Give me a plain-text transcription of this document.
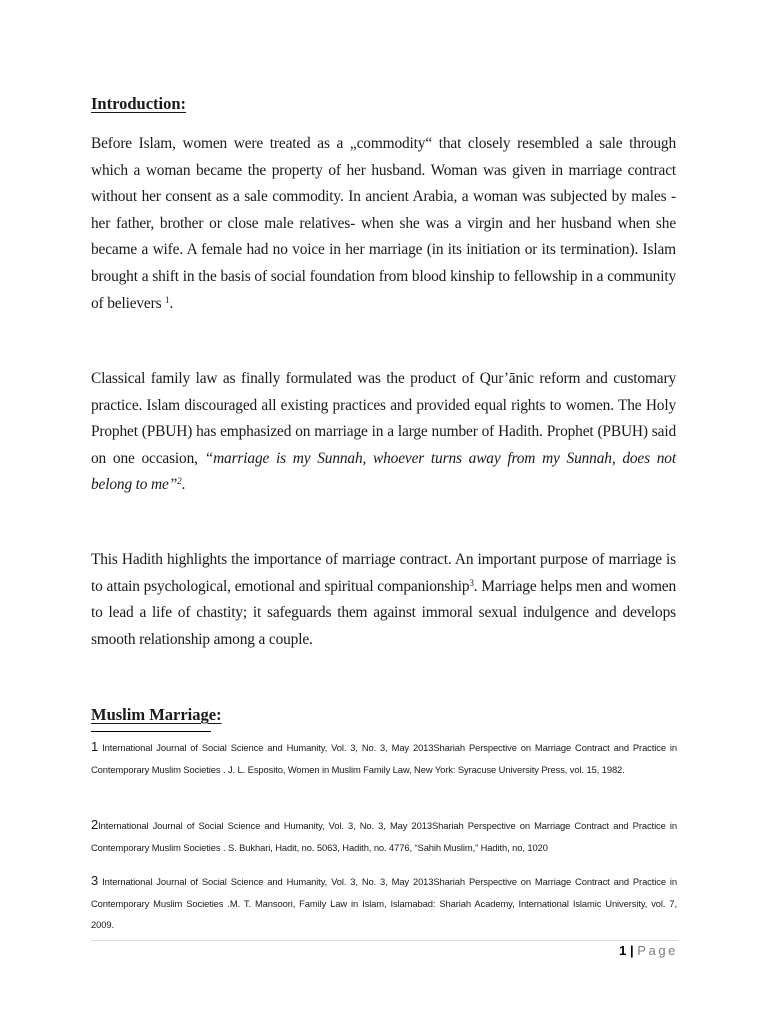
Introduction:

Before Islam, women were treated as a „commodity“ that closely resembled a sale through which a woman became the property of her husband. Woman was given in marriage contract without her consent as a sale commodity. In ancient Arabia, a woman was subjected by males -her father, brother or close male relatives- when she was a virgin and her husband when she became a wife. A female had no voice in her marriage (in its initiation or its termination). Islam brought a shift in the basis of social foundation from blood kinship to fellowship in a community of believers $^1$.

Classical family law as finally formulated was the product of Qur’ānic reform and customary practice. Islam discouraged all existing practices and provided equal rights to women. The Holy Prophet (PBUH) has emphasized on marriage in a large number of Hadith. Prophet (PBUH) said on one occasion, “marriage is my Sunnah, whoever turns away from my Sunnah, does not belong to me”$^2$.

This Hadith highlights the importance of marriage contract. An important purpose of marriage is to attain psychological, emotional and spiritual companionship$^3$. Marriage helps men and women to lead a life of chastity; it safeguards them against immoral sexual indulgence and develops smooth relationship among a couple.

Muslim Marriage:

1 International Journal of Social Science and Humanity, Vol. 3, No. 3, May 2013Shariah Perspective on Marriage Contract and Practice in Contemporary Muslim Societies . J. L. Esposito, Women in Muslim Family Law, New York: Syracuse University Press, vol. 15, 1982.

2International Journal of Social Science and Humanity, Vol. 3, No. 3, May 2013Shariah Perspective on Marriage Contract and Practice in Contemporary Muslim Societies . S. Bukhari, Hadit, no. 5063, Hadith, no. 4776, “Sahih Muslim,” Hadith, no, 1020

3 International Journal of Social Science and Humanity, Vol. 3, No. 3, May 2013Shariah Perspective on Marriage Contract and Practice in Contemporary Muslim Societies .M. T. Mansoori, Family Law in Islam, Islamabad: Shariah Academy, International Islamic University, vol. 7, 2009.

1 | Page
